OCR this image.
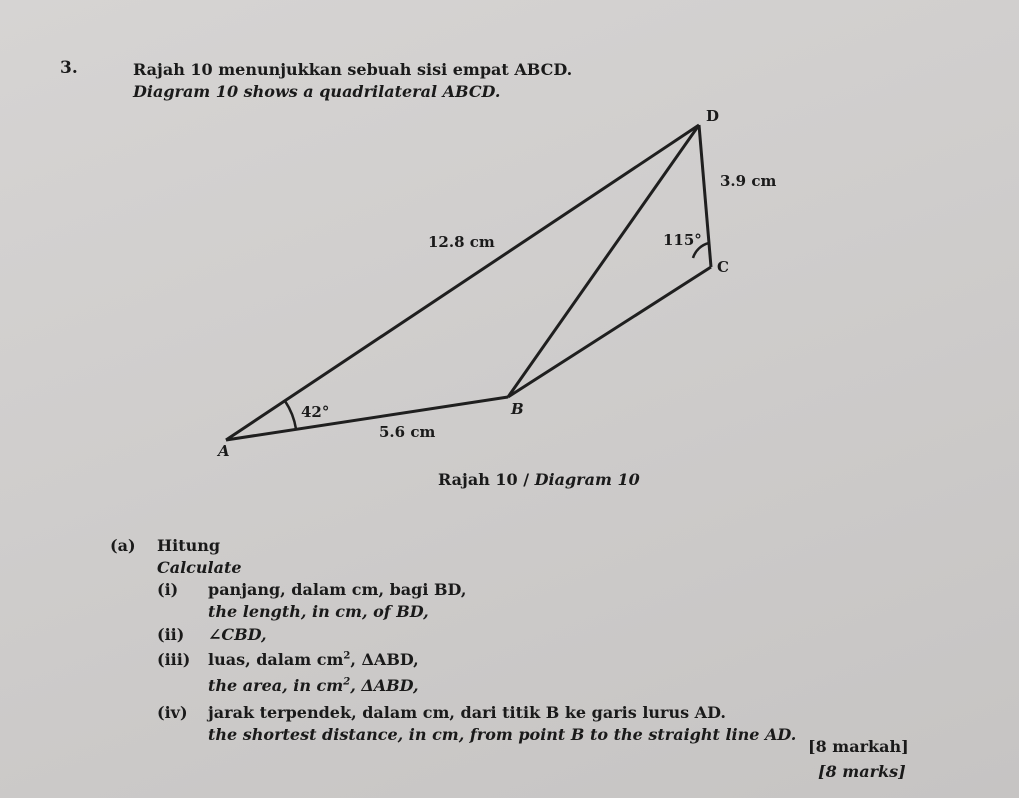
3.	Rajah 10 menunjukkan sebuah sisi empat ABCD.
Diagram 10 shows a quadrilateral ABCD.
A
B
C
D
12.8 cm
5.6 cm
3.9 cm
42°
115°
Rajah 10 / Diagram 10
(a) Hitung
Calculate
(i) panjang, dalam cm, bagi BD,
the length, in cm, of BD,
(ii) ∠CBD,
(iii) luas, dalam $cm^2$, ΔABD,
the area, in $cm^2$, ΔABD,
(iv) jarak terpendek, dalam cm, dari titik B ke garis lurus AD.
the shortest distance, in cm, from point B to the straight line AD.
[8 markah]
[8 marks]
